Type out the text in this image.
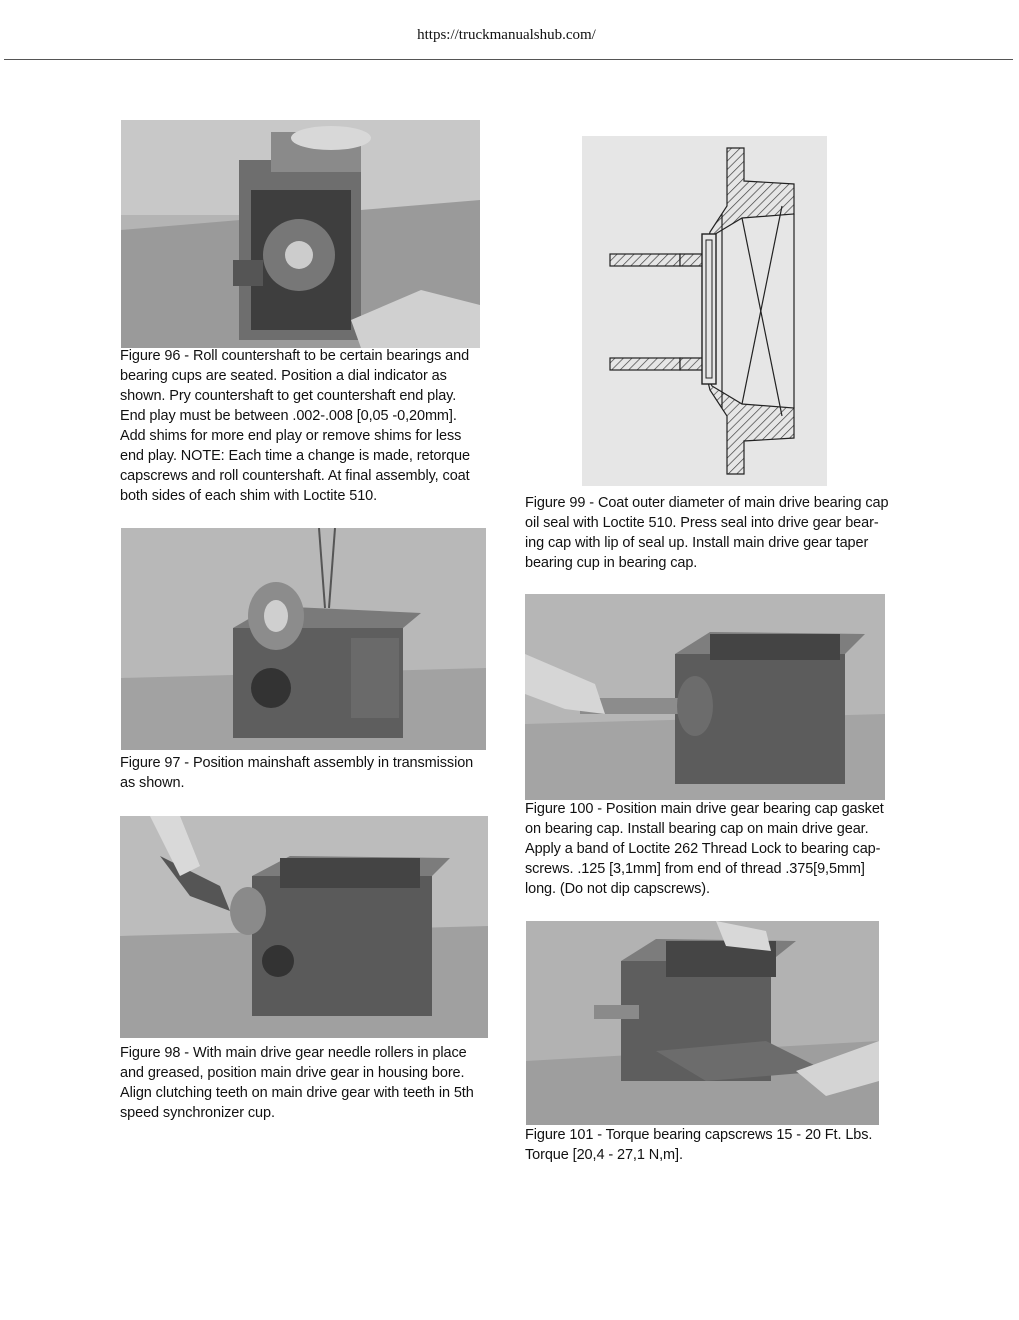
https://truckmanualshub.com/
Figure 96 - Roll countershaft to be certain bearings and
bearing cups are seated. Position a dial indicator as
shown. Pry countershaft to get countershaft end play.
End play must be between .002-.008 [0,05 -0,20mm].
Add shims for more end play or remove shims for less
end play. NOTE: Each time a change is made, retorque
capscrews and roll countershaft. At final assembly, coat
both sides of each shim with Loctite 510.
Figure 97 - Position mainshaft assembly in transmission
as shown.
Figure 98 - With main drive gear needle rollers in place
and greased, position main drive gear in housing bore.
Align clutching teeth on main drive gear with teeth in 5th
speed synchronizer cup.
Figure 99 - Coat outer diameter of main drive bearing cap
oil seal with Loctite 510. Press seal into drive gear bear-
ing cap with lip of seal up. Install main drive gear taper
bearing cup in bearing cap.
Figure 100 - Position main drive gear bearing cap gasket
on bearing cap. Install bearing cap on main drive gear.
Apply a band of Loctite 262 Thread Lock to bearing cap-
screws. .125 [3,1mm] from end of thread .375[9,5mm]
long. (Do not dip capscrews).
Figure 101 - Torque bearing capscrews 15 - 20 Ft. Lbs.
Torque [20,4 - 27,1 N,m].
